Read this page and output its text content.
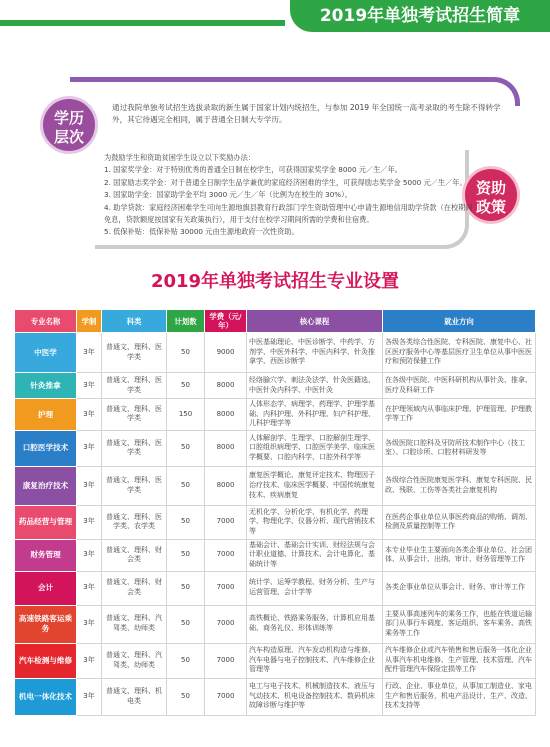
2019年单独考试招生简章
学历层次
通过我院单独考试招生选拔录取的新生属于国家计划内统招生，与参加 2019 年全国统一高考录取的考生除不得转学外，其它待遇完全相同，属于普通全日制大专学历。
资助政策
为鼓励学生和资助贫困学生设立以下奖励办法：
1. 国家奖学金：对于特别优秀的普通全日制在校学生，可获得国家奖学金 8000 元／生／年。
2. 国家励志奖学金：对于普通全日制学生品学兼优的家庭经济困难的学生，可获得励志奖学金 5000 元／生／年。
3. 国家助学金：国家助学金平均 3000 元／生／年（比例为在校生的 30%）。
4. 助学贷款：家庭经济困难学生可向生源地旗县教育行政部门学生资助管理中心申请生源地信用助学贷款（在校期间免息，贷款额度按国家有关政策执行），用于支付在校学习期间所需的学费和住宿费。
5. 低保补贴：低保补贴 30000 元由生源地政府一次性资助。
2019年单独考试招生专业设置
专业名称	学制	科类	计划数	学费（元/年）	核心课程	就业方向
中医学	3年	普通文、理科、医学类	50	9000	中医基础理论、中医诊断学、中药学、方剂学、中医外科学、中医内科学、针灸推拿学、西医诊断学	各级各类综合性医院、专科医院、康复中心、社区医疗服务中心等基层医疗卫生单位从事中医医疗和预防保健工作
针灸推拿	3年	普通文、理科、医学类	50	8000	经络腧穴学、刺法灸法学、针灸医籍选、中医针灸内科学、中医针灸	在各级中医院、中医科研机构从事针灸、推拿、医疗及科研工作
护理	3年	普通文、理科、医学类	150	8000	人体形态学、病理学、药理学、护理学基础、内科护理、外科护理、妇产科护理、儿科护理学等	在护理领域内从事临床护理、护理管理、护理教学等工作
口腔医学技术	3年	普通文、理科、医学类	50	8000	人体解剖学、生理学、口腔解剖生理学、口腔组织病理学、口腔医学美学、临床医学概要、口腔内科学、口腔外科学等	各级医院口腔科及牙防所技术制作中心（技工室）、口腔诊所、口腔材料研发等
康复治疗技术	3年	普通文、理科、医学类	50	8000	康复医学概论、康复评定技术、物理因子治疗技术、临床医学概要、中国传统康复技术、疾病康复	各级综合性医院康复医学科、康复专科医院、民政、残联、工伤等各类社会康复机构
药品经营与管理	3年	普通文、理科、医学类、农学类	50	7000	无机化学、分析化学、有机化学、药理学、物理化学、仪器分析、现代营销技术等	在医药企事业单位从事医药商品的购销、调剂、检测及质量控制等工作
财务管理	3年	普通文、理科、财会类	50	7000	基础会计、基础会计实训、财经法规与会计职业道德、计算技术、会计电算化、基础统计等	本专业毕业生主要面向各类企事业单位、社会团体、从事会计、出纳、审计、财务管理等工作
会计	3年	普通文、理科、财会类	50	7000	统计学、运筹学教程、财务分析、生产与运营管理、会计学等	各类企事业单位从事会计、财务、审计等工作
高速铁路客运乘务	3年	普通文、理科、汽驾类、幼师类	50	7000	高铁概论、铁路乘务服务、计算机应用基础、商务礼仪、形体训练等	主要从事高速列车的乘务工作，也能在铁道运输部门从事行车调度、客运组织、客车乘务、高铁乘务等工作
汽车检测与维修	3年	普通文、理科、汽驾类、幼师类	50	7000	汽车构造原理、汽车发动机构造与维修、汽车电器与电子控制技术、汽车维修企业管理等	汽车维修企业或汽车销售和售后服务一体化企业从事汽车机电维修、生产管理、技术管理、汽车配件管理汽车保险定损等工作
机电一体化技术	3年	普通文、理科、机电类	50	7000	电工与电子技术、机械制造技术、液压与气动技术、机电设备控制技术、数码机床故障诊断与维护等	行政、企业、事业单位，从事加工制造业、家电生产和售后服务，机电产品设计、生产、改造、技术支持等
